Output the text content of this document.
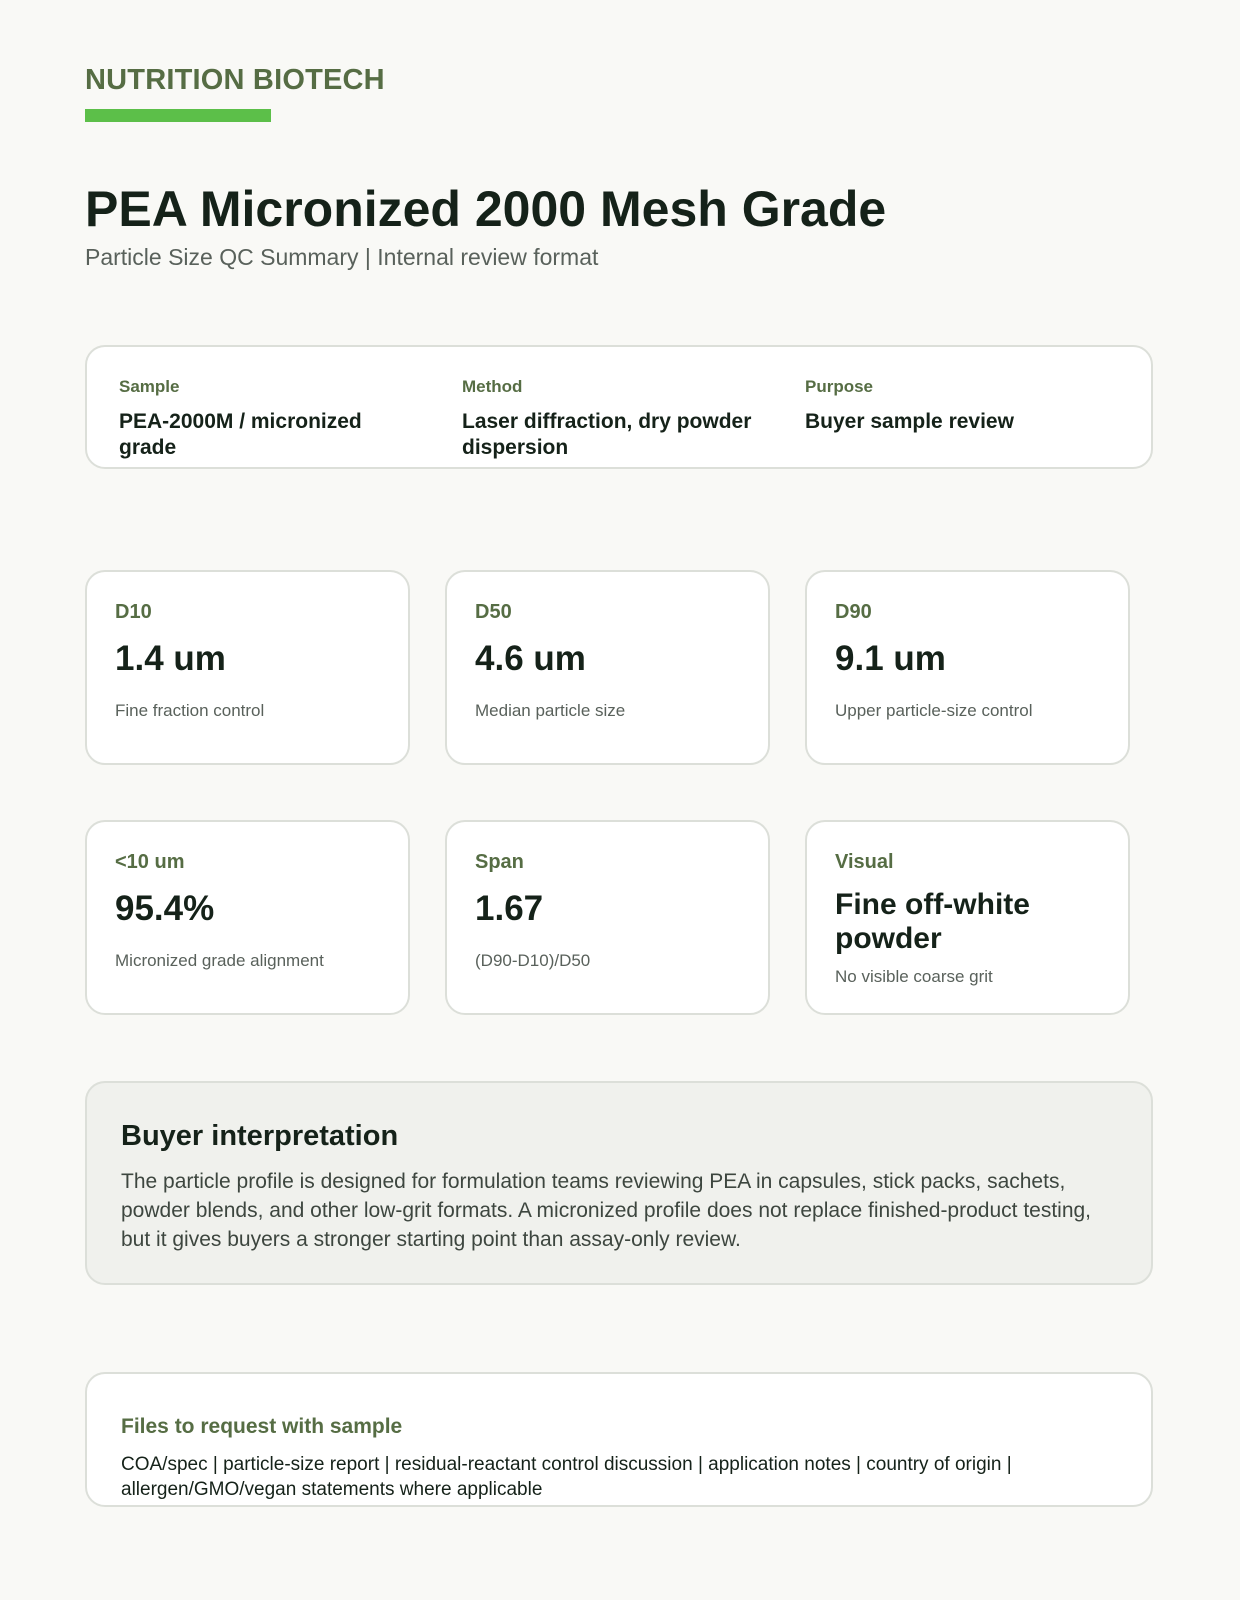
NUTRITION BIOTECH
PEA Micronized 2000 Mesh Grade
Particle Size QC Summary | Internal review format
Sample
PEA-2000M / micronized grade
Method
Laser diffraction, dry powder dispersion
Purpose
Buyer sample review
D10
1.4 um
Fine fraction control
D50
4.6 um
Median particle size
D90
9.1 um
Upper particle-size control
<10 um
95.4%
Micronized grade alignment
Span
1.67
(D90-D10)/D50
Visual
Fine off-white powder
No visible coarse grit
Buyer interpretation
The particle profile is designed for formulation teams reviewing PEA in capsules, stick packs, sachets, powder blends, and other low-grit formats. A micronized profile does not replace finished-product testing, but it gives buyers a stronger starting point than assay-only review.
Files to request with sample
COA/spec | particle-size report | residual-reactant control discussion | application notes | country of origin | allergen/GMO/vegan statements where applicable
